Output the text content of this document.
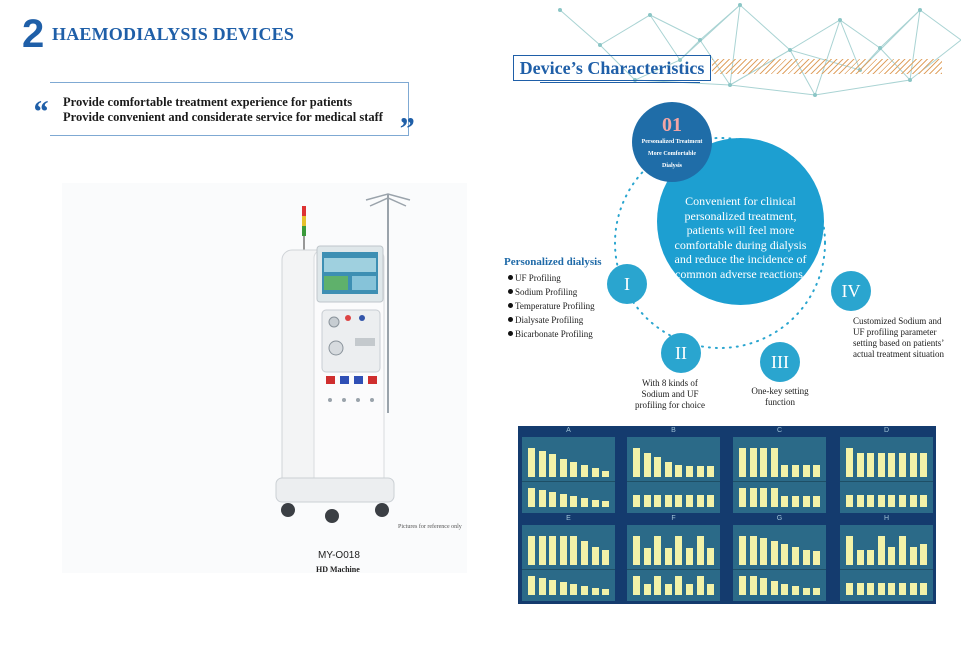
2 HAEMODIALYSIS DEVICES
“	”
Provide comfortable treatment experience for patients
Provide convenient and considerate service for medical staff
Pictures for reference only
MY-O018
HD Machine
Device’s Characteristics
Convenient for clinical personalized treatment, patients will feel more comfortable during dialysis and reduce the incidence of common adverse reactions.
01
Personalized Treatment
More Comfortable
Dialysis
I
II	III
IV
Personalized dialysis
UF Profiling
Sodium Profiling
Temperature Profiling
Dialysate Profiling
Bicarbonate Profiling
With 8 kinds of Sodium and UF profiling for choice
One-key setting function
Customized Sodium and UF profiling parameter setting based on patients’ actual treatment situation
A	B	C	D
E	F	G	H
